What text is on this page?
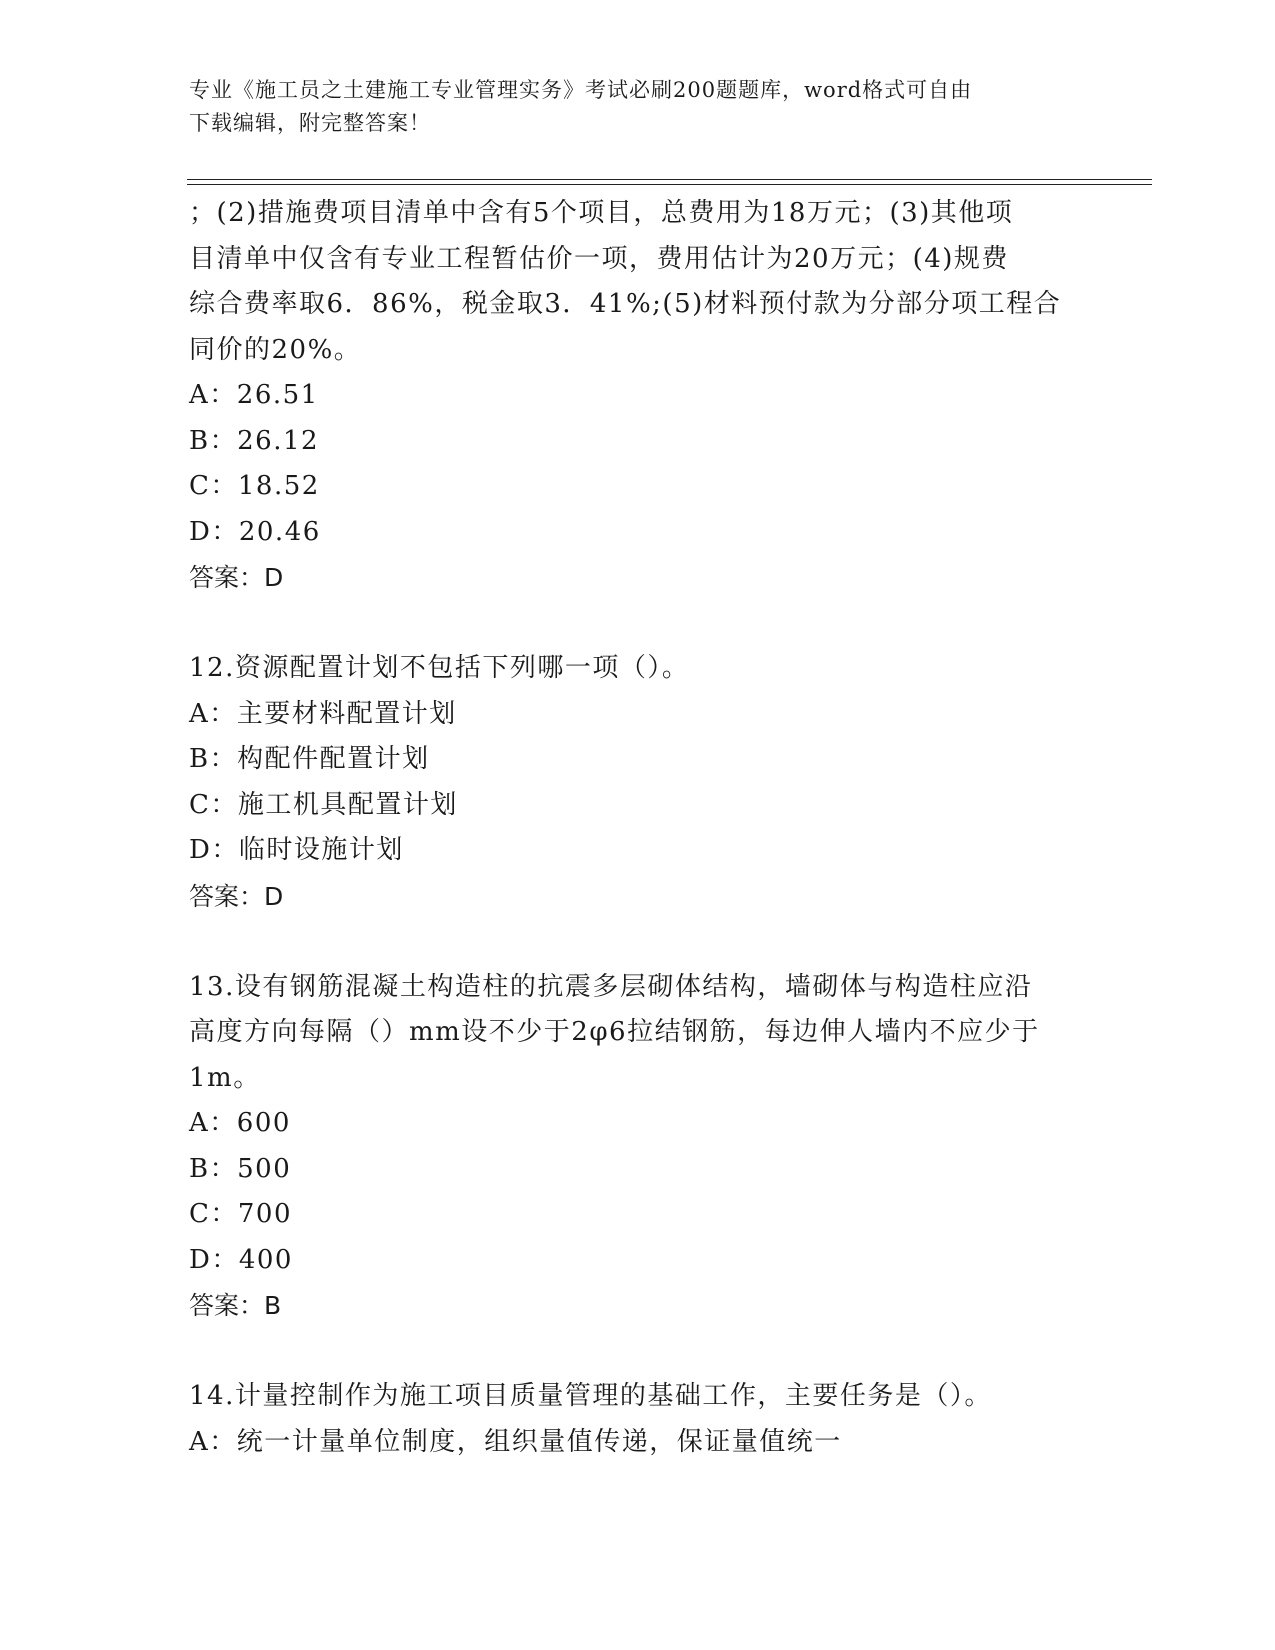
专业《施工员之土建施工专业管理实务》考试必刷200题题库，word格式可自由
下载编辑，附完整答案！
；(2)措施费项目清单中含有5个项目，总费用为18万元；(3)其他项
目清单中仅含有专业工程暂估价一项，费用估计为20万元；(4)规费
综合费率取6．86%，税金取3．41%;(5)材料预付款为分部分项工程合
同价的20%。
A：26.51
B：26.12
C：18.52
D：20.46
答案：D
12.资源配置计划不包括下列哪一项（）。
A：主要材料配置计划
B：构配件配置计划
C：施工机具配置计划
D：临时设施计划
答案：D
13.设有钢筋混凝土构造柱的抗震多层砌体结构，墙砌体与构造柱应沿
高度方向每隔（）mm设不少于2φ6拉结钢筋，每边伸人墙内不应少于
1m。
A：600
B：500
C：700
D：400
答案：B
14.计量控制作为施工项目质量管理的基础工作，主要任务是（）。
A：统一计量单位制度，组织量值传递，保证量值统一
